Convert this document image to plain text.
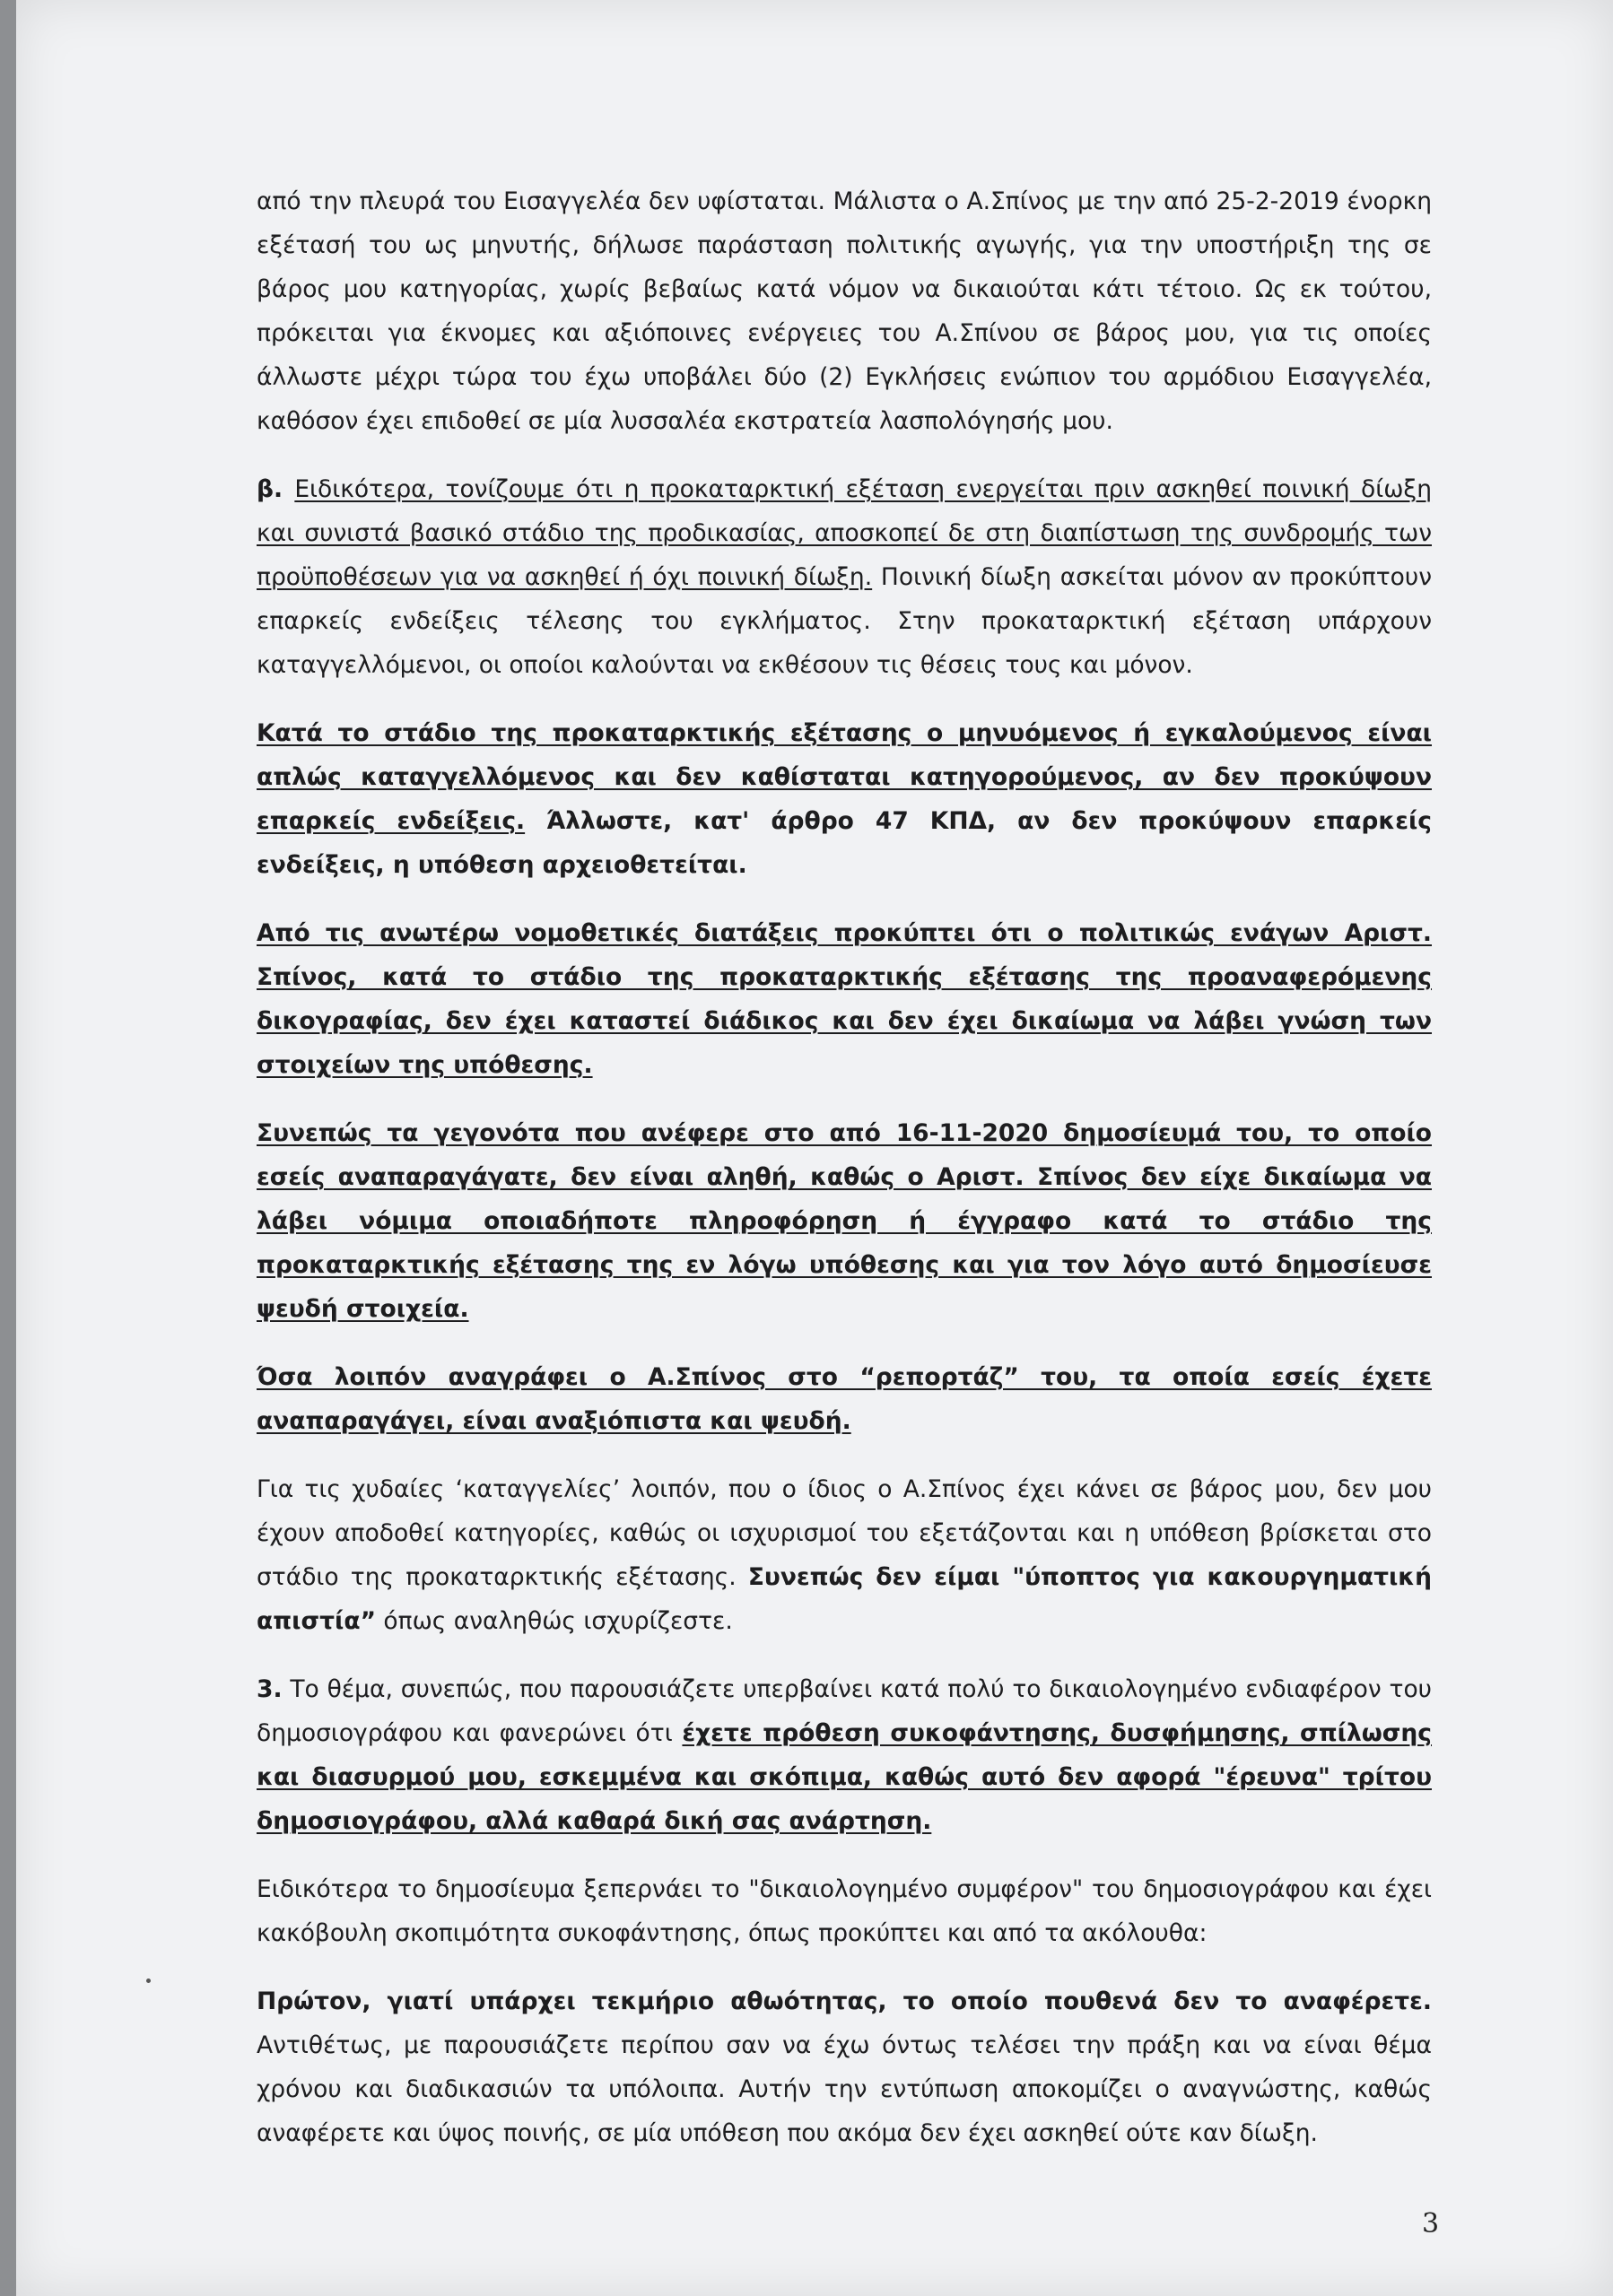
από την πλευρά του Εισαγγελέα δεν υφίσταται. Μάλιστα ο Α.Σπίνος με την από 25-2-2019 ένορκη εξέτασή του ως μηνυτής, δήλωσε παράσταση πολιτικής αγωγής, για την υποστήριξη της σε βάρος μου κατηγορίας, χωρίς βεβαίως κατά νόμον να δικαιούται κάτι τέτοιο. Ως εκ τούτου, πρόκειται για έκνομες και αξιόποινες ενέργειες του Α.Σπίνου σε βάρος μου, για τις οποίες άλλωστε μέχρι τώρα του έχω υποβάλει δύο (2) Εγκλήσεις ενώπιον του αρμόδιου Εισαγγελέα, καθόσον έχει επιδοθεί σε μία λυσσαλέα εκστρατεία λασπολόγησής μου.

β. Ειδικότερα, τονίζουμε ότι η προκαταρκτική εξέταση ενεργείται πριν ασκηθεί ποινική δίωξη και συνιστά βασικό στάδιο της προδικασίας, αποσκοπεί δε στη διαπίστωση της συνδρομής των προϋποθέσεων για να ασκηθεί ή όχι ποινική δίωξη. Ποινική δίωξη ασκείται μόνον αν προκύπτουν επαρκείς ενδείξεις τέλεσης του εγκλήματος. Στην προκαταρκτική εξέταση υπάρχουν καταγγελλόμενοι, οι οποίοι καλούνται να εκθέσουν τις θέσεις τους και μόνον.

Κατά το στάδιο της προκαταρκτικής εξέτασης ο μηνυόμενος ή εγκαλούμενος είναι απλώς καταγγελλόμενος και δεν καθίσταται κατηγορούμενος, αν δεν προκύψουν επαρκείς ενδείξεις. Άλλωστε, κατ' άρθρο 47 ΚΠΔ, αν δεν προκύψουν επαρκείς ενδείξεις, η υπόθεση αρχειοθετείται.

Από τις ανωτέρω νομοθετικές διατάξεις προκύπτει ότι ο πολιτικώς ενάγων Αριστ. Σπίνος, κατά το στάδιο της προκαταρκτικής εξέτασης της προαναφερόμενης δικογραφίας, δεν έχει καταστεί διάδικος και δεν έχει δικαίωμα να λάβει γνώση των στοιχείων της υπόθεσης.

Συνεπώς τα γεγονότα που ανέφερε στο από 16-11-2020 δημοσίευμά του, το οποίο εσείς αναπαραγάγατε, δεν είναι αληθή, καθώς ο Αριστ. Σπίνος δεν είχε δικαίωμα να λάβει νόμιμα οποιαδήποτε πληροφόρηση ή έγγραφο κατά το στάδιο της προκαταρκτικής εξέτασης της εν λόγω υπόθεσης και για τον λόγο αυτό δημοσίευσε ψευδή στοιχεία.

Όσα λοιπόν αναγράφει ο Α.Σπίνος στο “ρεπορτάζ” του, τα οποία εσείς έχετε αναπαραγάγει, είναι αναξιόπιστα και ψευδή.

Για τις χυδαίες ‘καταγγελίες’ λοιπόν, που ο ίδιος ο Α.Σπίνος έχει κάνει σε βάρος μου, δεν μου έχουν αποδοθεί κατηγορίες, καθώς οι ισχυρισμοί του εξετάζονται και η υπόθεση βρίσκεται στο στάδιο της προκαταρκτικής εξέτασης. Συνεπώς δεν είμαι "ύποπτος για κακουργηματική απιστία” όπως αναληθώς ισχυρίζεστε.

3. Το θέμα, συνεπώς, που παρουσιάζετε υπερβαίνει κατά πολύ το δικαιολογημένο ενδιαφέρον του δημοσιογράφου και φανερώνει ότι έχετε πρόθεση συκοφάντησης, δυσφήμησης, σπίλωσης και διασυρμού μου, εσκεμμένα και σκόπιμα, καθώς αυτό δεν αφορά "έρευνα" τρίτου δημοσιογράφου, αλλά καθαρά δική σας ανάρτηση.

Ειδικότερα το δημοσίευμα ξεπερνάει το "δικαιολογημένο συμφέρον" του δημοσιογράφου και έχει κακόβουλη σκοπιμότητα συκοφάντησης, όπως προκύπτει και από τα ακόλουθα:

Πρώτον, γιατί υπάρχει τεκμήριο αθωότητας, το οποίο πουθενά δεν το αναφέρετε. Αντιθέτως, με παρουσιάζετε περίπου σαν να έχω όντως τελέσει την πράξη και να είναι θέμα χρόνου και διαδικασιών τα υπόλοιπα. Αυτήν την εντύπωση αποκομίζει ο αναγνώστης, καθώς αναφέρετε και ύψος ποινής, σε μία υπόθεση που ακόμα δεν έχει ασκηθεί ούτε καν δίωξη.

3
